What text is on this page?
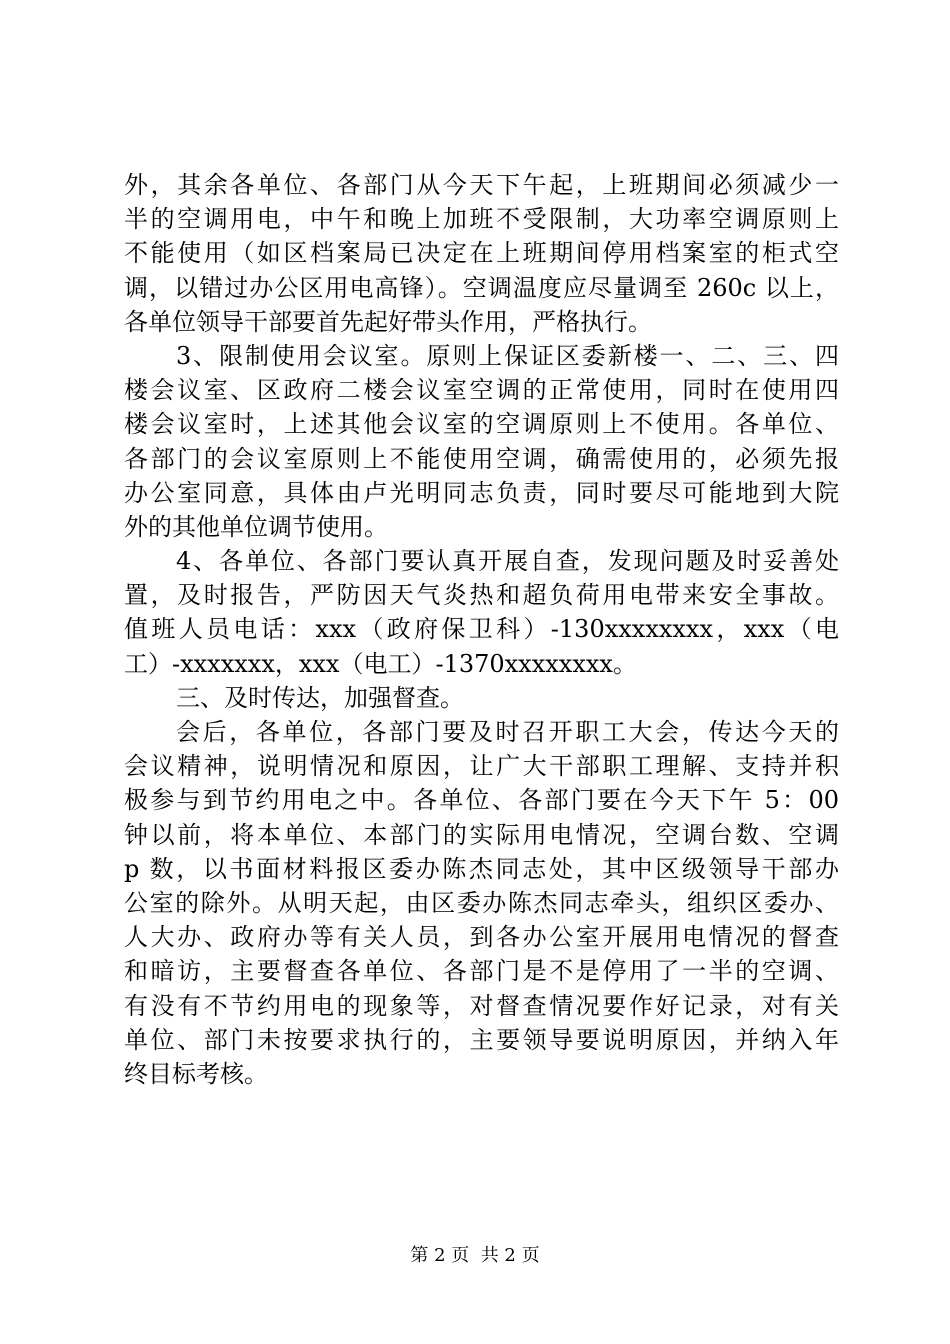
外，其余各单位、各部门从今天下午起，上班期间必须减少一
半的空调用电，中午和晚上加班不受限制，大功率空调原则上
不能使用（如区档案局已决定在上班期间停用档案室的柜式空
调，以错过办公区用电高锋）。空调温度应尽量调至 260c 以上，
各单位领导干部要首先起好带头作用，严格执行。
3、限制使用会议室。原则上保证区委新楼一、二、三、四
楼会议室、区政府二楼会议室空调的正常使用，同时在使用四
楼会议室时，上述其他会议室的空调原则上不使用。各单位、
各部门的会议室原则上不能使用空调，确需使用的，必须先报
办公室同意，具体由卢光明同志负责，同时要尽可能地到大院
外的其他单位调节使用。
4、各单位、各部门要认真开展自查，发现问题及时妥善处
置，及时报告，严防因天气炎热和超负荷用电带来安全事故。
值班人员电话：xxx（政府保卫科）-130xxxxxxxx，xxx（电
工）-xxxxxxx，xxx（电工）-1370xxxxxxxx。
三、及时传达，加强督查。
会后，各单位，各部门要及时召开职工大会，传达今天的
会议精神，说明情况和原因，让广大干部职工理解、支持并积
极参与到节约用电之中。各单位、各部门要在今天下午 5：00
钟以前，将本单位、本部门的实际用电情况，空调台数、空调
p 数，以书面材料报区委办陈杰同志处，其中区级领导干部办
公室的除外。从明天起，由区委办陈杰同志牵头，组织区委办、
人大办、政府办等有关人员，到各办公室开展用电情况的督查
和暗访，主要督查各单位、各部门是不是停用了一半的空调、
有没有不节约用电的现象等，对督查情况要作好记录，对有关
单位、部门未按要求执行的，主要领导要说明原因，并纳入年
终目标考核。
第 2 页  共 2 页
